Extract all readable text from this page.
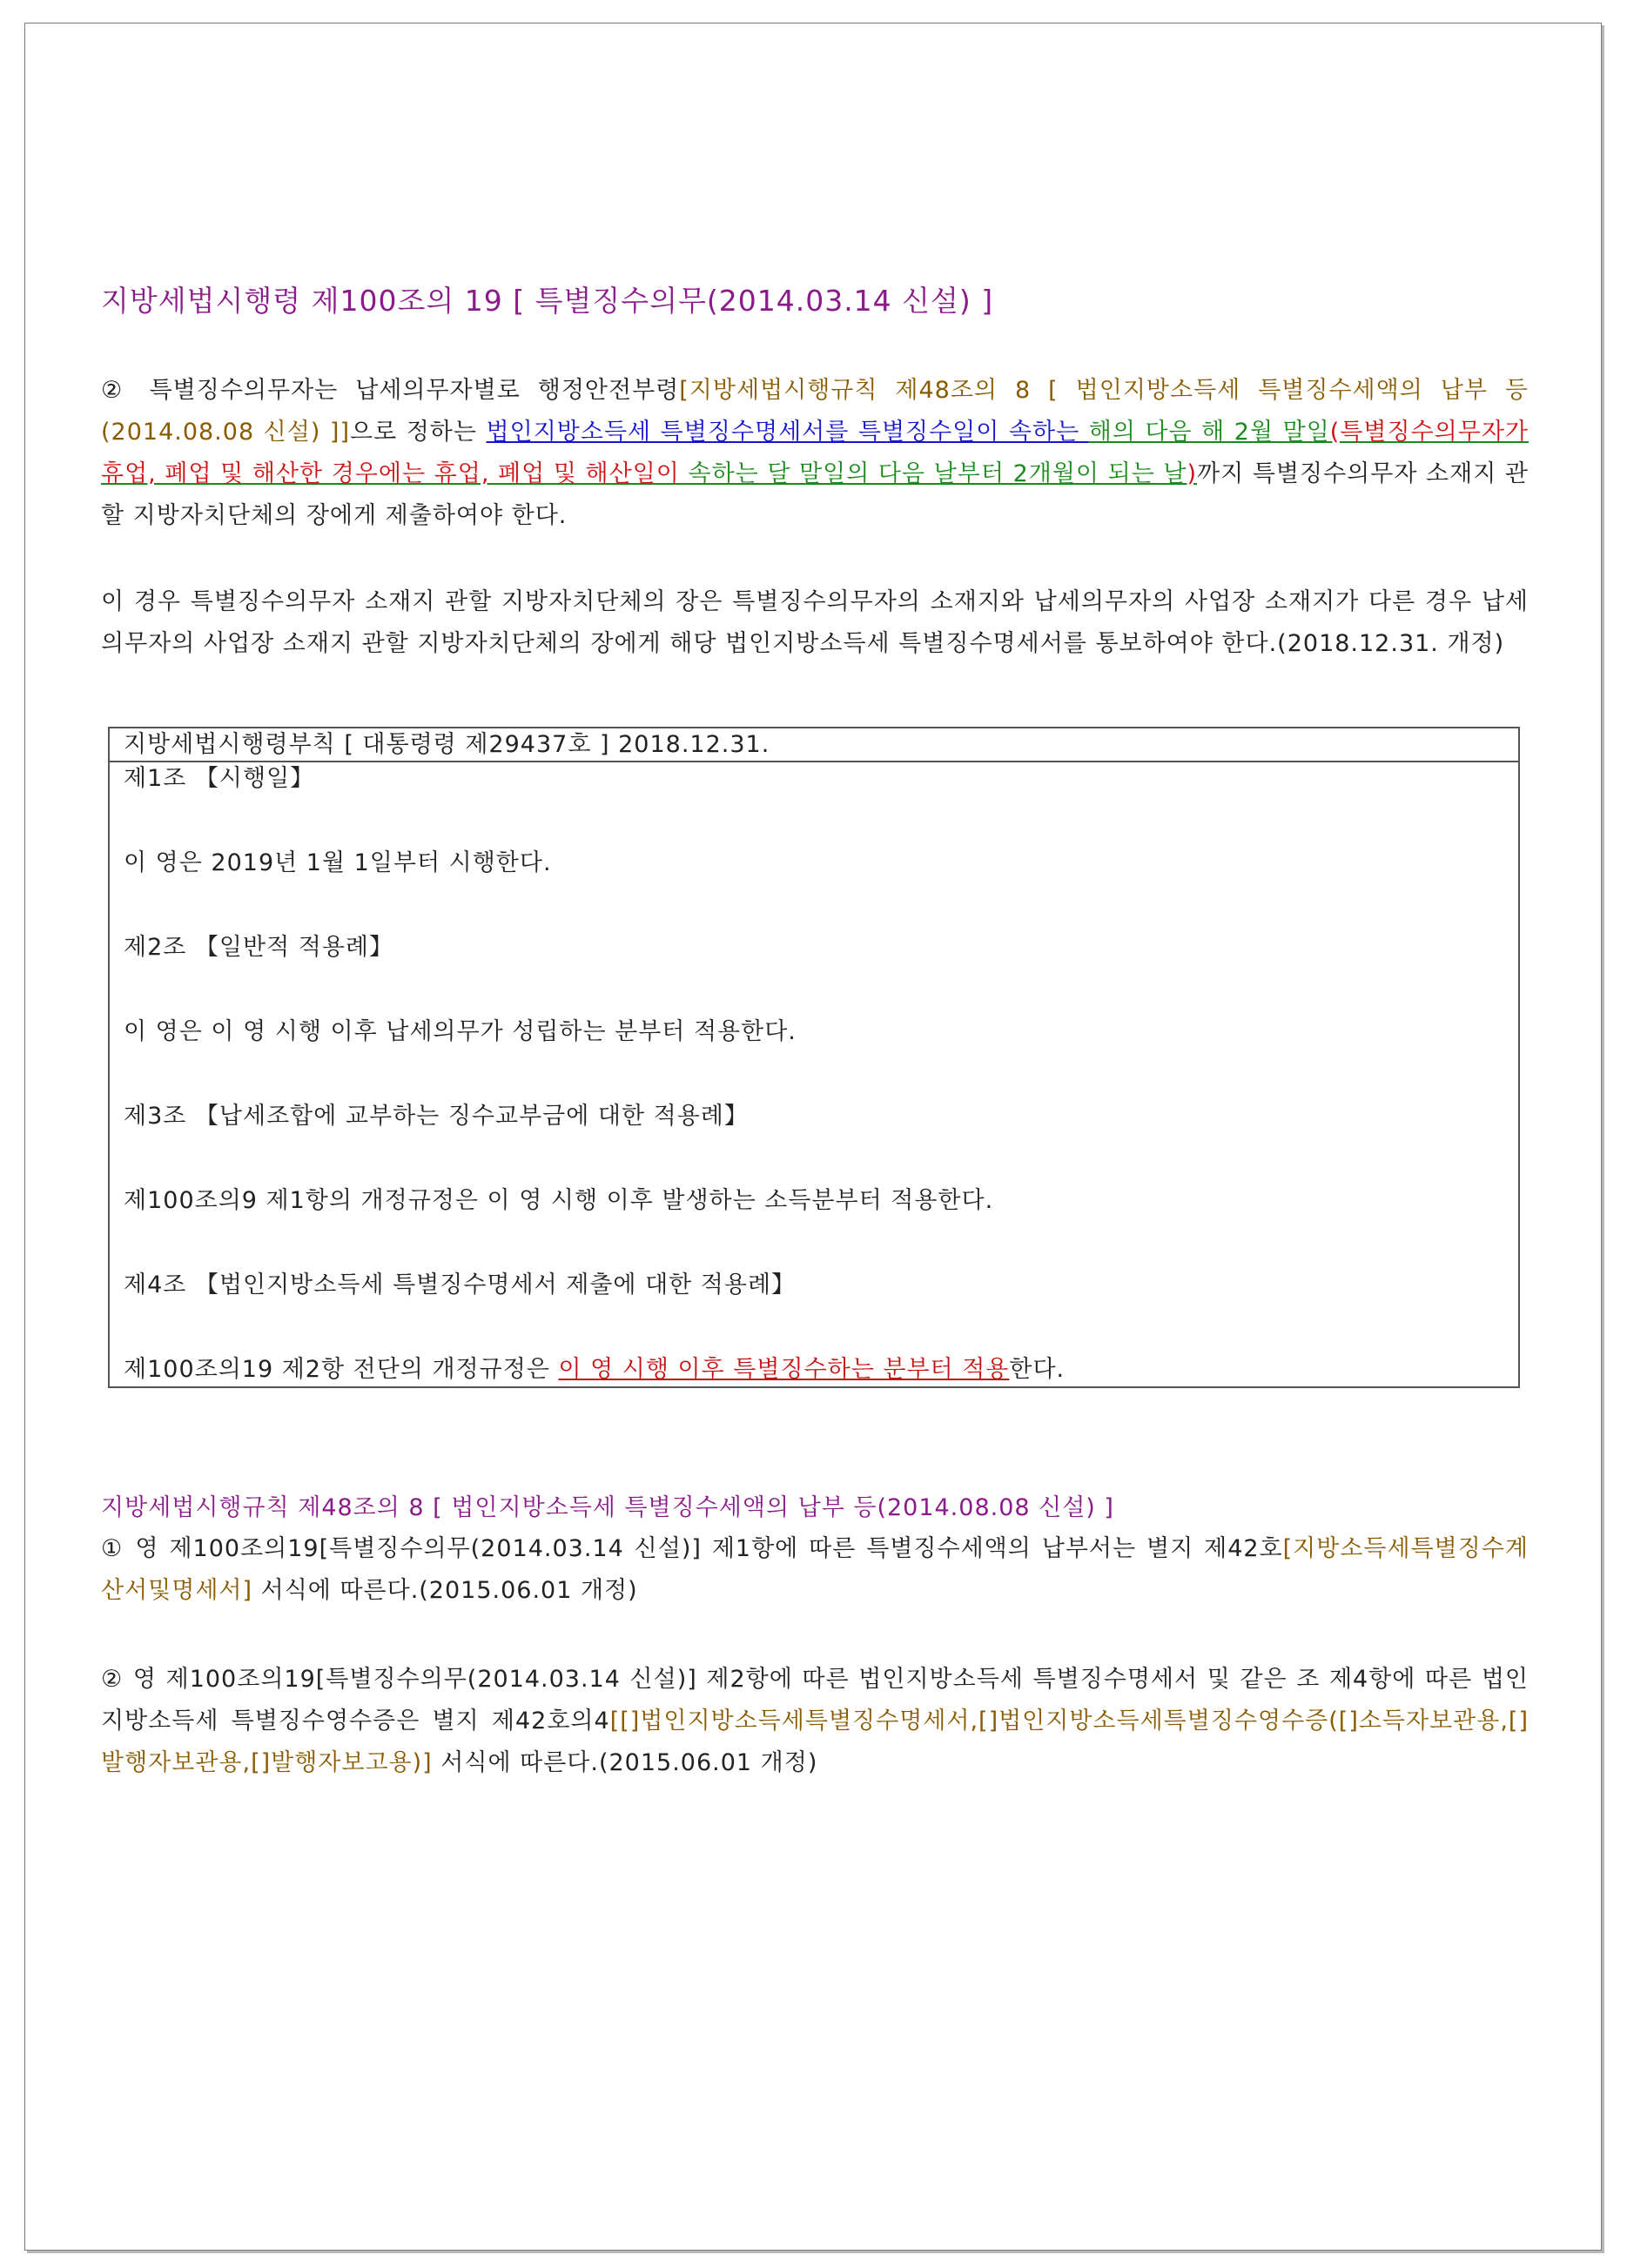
지방세법시행령 제100조의 19 [ 특별징수의무(2014.03.14 신설) ]
② 특별징수의무자는 납세의무자별로 행정안전부령[지방세법시행규칙 제48조의 8 [ 법인지방소득세 특별징수세액의 납부 등(2014.08.08 신설) ]]으로 정하는 법인지방소득세 특별징수명세서를 특별징수일이 속하는 해의 다음 해 2월 말일(특별징수의무자가 휴업, 폐업 및 해산한 경우에는 휴업, 폐업 및 해산일이 속하는 달 말일의 다음 날부터 2개월이 되는 날)까지 특별징수의무자 소재지 관할 지방자치단체의 장에게 제출하여야 한다.
이 경우 특별징수의무자 소재지 관할 지방자치단체의 장은 특별징수의무자의 소재지와 납세의무자의 사업장 소재지가 다른 경우 납세의무자의 사업장 소재지 관할 지방자치단체의 장에게 해당 법인지방소득세 특별징수명세서를 통보하여야 한다.(2018.12.31. 개정)
지방세법시행규칙 제48조의 8 [ 법인지방소득세 특별징수세액의 납부 등(2014.08.08 신설) ]
① 영 제100조의19[특별징수의무(2014.03.14 신설)] 제1항에 따른 특별징수세액의 납부서는 별지 제42호[지방소득세특별징수계산서및명세서] 서식에 따른다.(2015.06.01 개정)
② 영 제100조의19[특별징수의무(2014.03.14 신설)] 제2항에 따른 법인지방소득세 특별징수명세서 및 같은 조 제4항에 따른 법인지방소득세 특별징수영수증은 별지 제42호의4[[]법인지방소득세특별징수명세서,[]법인지방소득세특별징수영수증([]소득자보관용,[]발행자보관용,[]발행자보고용)] 서식에 따른다.(2015.06.01 개정)
지방세법시행령부칙 [ 대통령령 제29437호 ] 2018.12.31.
제1조 【시행일】
이 영은 2019년 1월 1일부터 시행한다.
제2조 【일반적 적용례】
이 영은 이 영 시행 이후 납세의무가 성립하는 분부터 적용한다.
제3조 【납세조합에 교부하는 징수교부금에 대한 적용례】
제100조의9 제1항의 개정규정은 이 영 시행 이후 발생하는 소득분부터 적용한다.
제4조 【법인지방소득세 특별징수명세서 제출에 대한 적용례】
제100조의19 제2항 전단의 개정규정은 이 영 시행 이후 특별징수하는 분부터 적용한다.
